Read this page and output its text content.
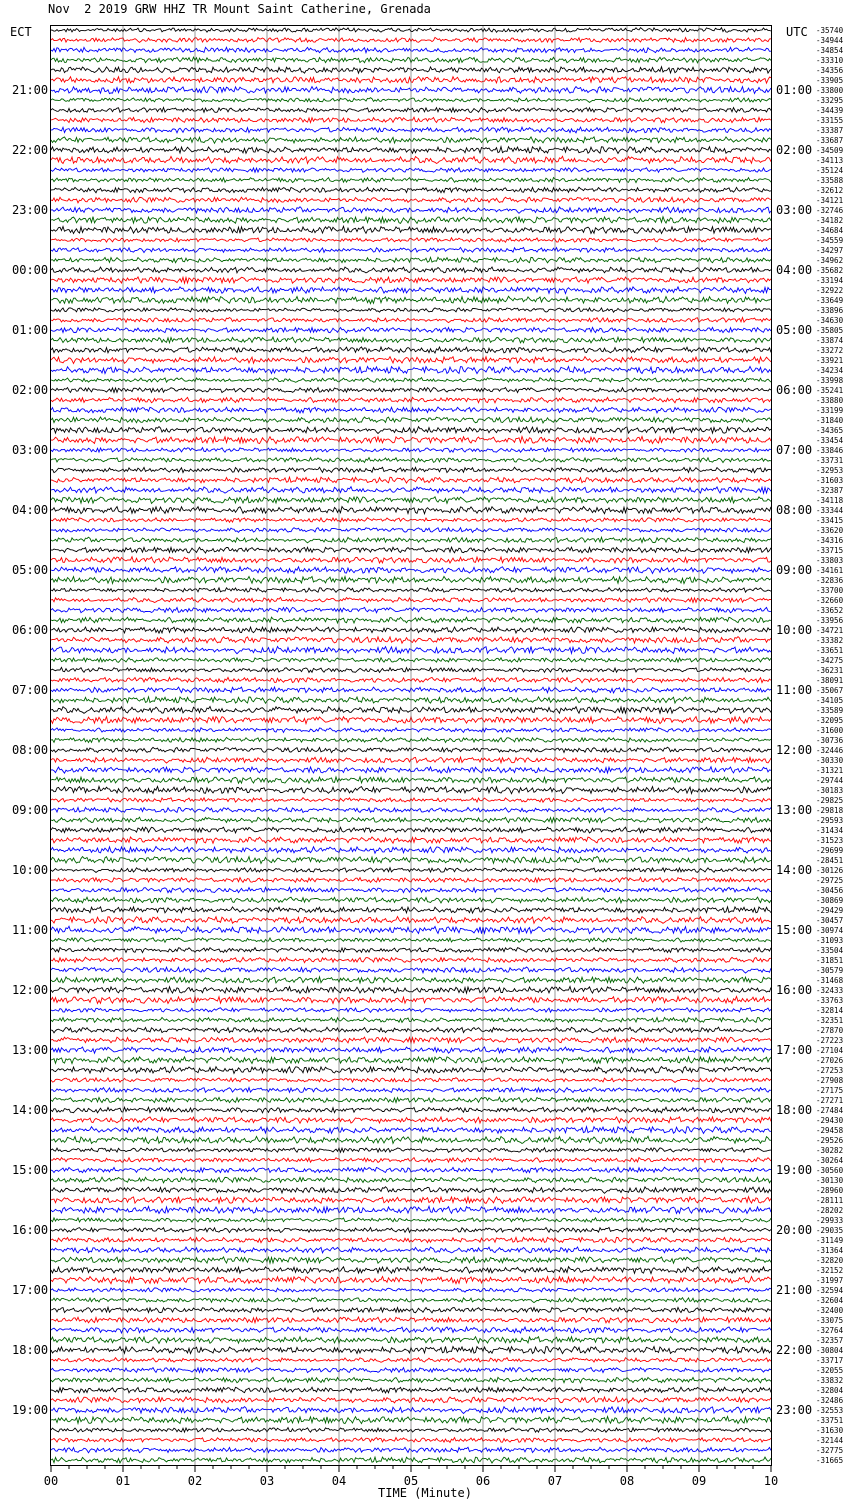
Nov  2 2019 GRW HHZ TR Mount Saint Catherine, Grenada
ECT	UTC
21:00
22:00
23:00
00:00
01:00
02:00
03:00
04:00
05:00
06:00
07:00
08:00
09:00
10:00
11:00
12:00
13:00
14:00
15:00
16:00
17:00
18:00
19:00
01:00
02:00
03:00
04:00
05:00
06:00
07:00
08:00
09:00
10:00
11:00
12:00
13:00
14:00
15:00
16:00
17:00
18:00
19:00
20:00
21:00
22:00
23:00
-35740
-34944
-34854
-33310
-34356
-33905
-33800
-33295
-34439
-33155
-33387
-33687
-34509
-34113
-35124
-33588
-32612
-34121
-32746
-34182
-34684
-34559
-34297
-34962
-35682
-33194
-32922
-33649
-33896
-34630
-35805
-33874
-33272
-33921
-34234
-33998
-35241
-33880
-33199
-31840
-34365
-33454
-33846
-33731
-32953
-31603
-32387
-34118
-33344
-33415
-33620
-34316
-33715
-33803
-34161
-32836
-33700
-32660
-33652
-33956
-34721
-33382
-33651
-34275
-36231
-38091
-35067
-34105
-33589
-32095
-31600
-30736
-32446
-30330
-31321
-29744
-30183
-29825
-29818
-29593
-31434
-31523
-29699
-28451
-30126
-29725
-30456
-30869
-29429
-30457
-30974
-31093
-33504
-31851
-30579
-31468
-32433
-33763
-32814
-32351
-27870
-27223
-27104
-27026
-27253
-27908
-27175
-27271
-27484
-29430
-29458
-29526
-30282
-30264
-30560
-30130
-28960
-28111
-28202
-29933
-29035
-31149
-31364
-32820
-32152
-31997
-32594
-32604
-32400
-33075
-32764
-32357
-30804
-33717
-32055
-33832
-32804
-32486
-32553
-33751
-31630
-32144
-32775
-31665
00	01	02	03	04	05	06	07	08	09	10
TIME (Minute)
